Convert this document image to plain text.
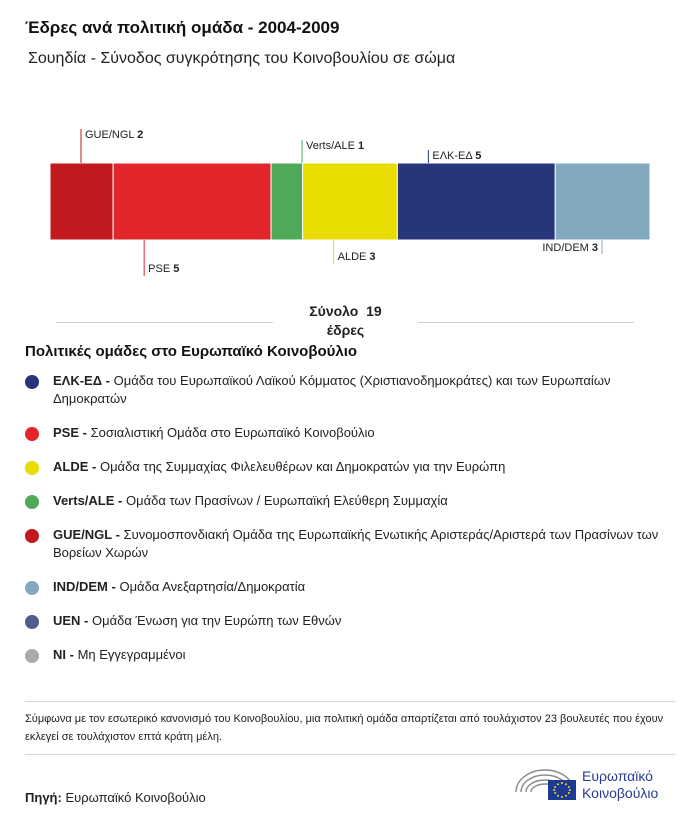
Έδρες ανά πολιτική ομάδα - 2004-2009
Σουηδία - Σύνοδος συγκρότησης του Κοινοβουλίου σε σώμα
GUE/NGL 2
PSE 5
Verts/ALE 1
ALDE 3
ΕΛΚ-ΕΔ 5
IND/DEM 3
Σύνολο 19
έδρες
Πολιτικές ομάδες στο Ευρωπαϊκό Κοινοβούλιο
ΕΛΚ-ΕΔ - Ομάδα του Ευρωπαϊκού Λαϊκού Κόμματος (Χριστιανοδημοκράτες) και των Ευρωπαίων Δημοκρατών
PSE - Σοσιαλιστική Ομάδα στο Ευρωπαϊκό Κοινοβούλιο
ALDE - Ομάδα της Συμμαχίας Φιλελευθέρων και Δημοκρατών για την Ευρώπη
Verts/ALE - Ομάδα των Πρασίνων / Ευρωπαϊκή Ελεύθερη Συμμαχία
GUE/NGL - Συνομοσπονδιακή Ομάδα της Ευρωπαϊκής Ενωτικής Αριστεράς/Αριστερά των Πρασίνων των Βορείων Χωρών
IND/DEM - Ομάδα Ανεξαρτησία/Δημοκρατία
UEN - Ομάδα Ένωση για την Ευρώπη των Εθνών
NI - Μη Εγγεγραμμένοι
Σύμφωνα με τον εσωτερικό κανονισμό του Κοινοβουλίου, μια πολιτική ομάδα απαρτίζεται από τουλάχιστον 23 βουλευτές που έχουν εκλεγεί σε τουλάχιστον επτά κράτη μέλη.
Πηγή: Ευρωπαϊκό Κοινοβούλιο
Ευρωπαϊκό
Κοινοβούλιο
